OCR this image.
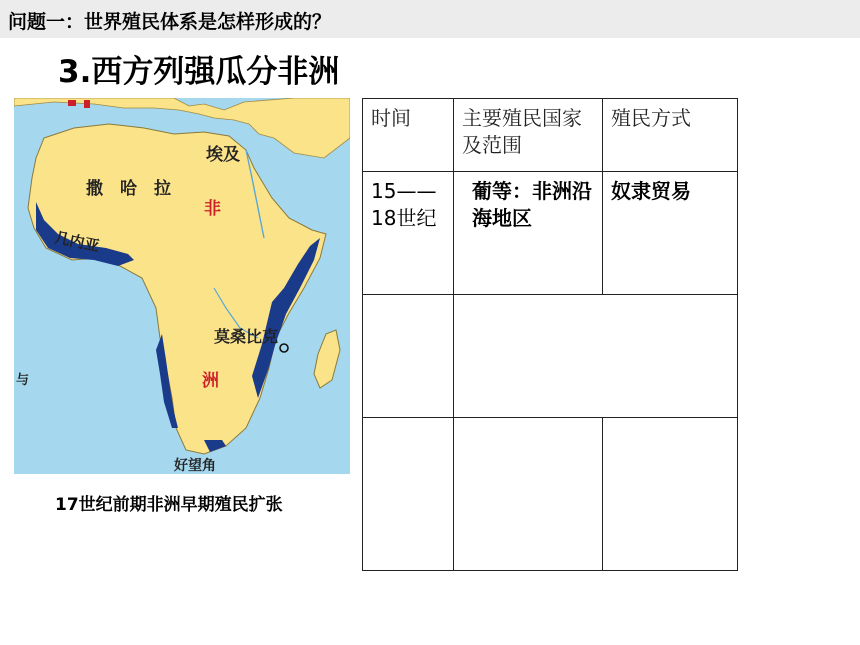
问题一：世界殖民体系是怎样形成的？
3.西方列强瓜分非洲
撒　哈　拉
埃及
非
洲
几内亚
莫桑比克
好望角
与
17世纪前期非洲早期殖民扩张
时间	主要殖民国家及范围	殖民方式
15——18世纪	葡等：非洲沿海地区	奴隶贸易
